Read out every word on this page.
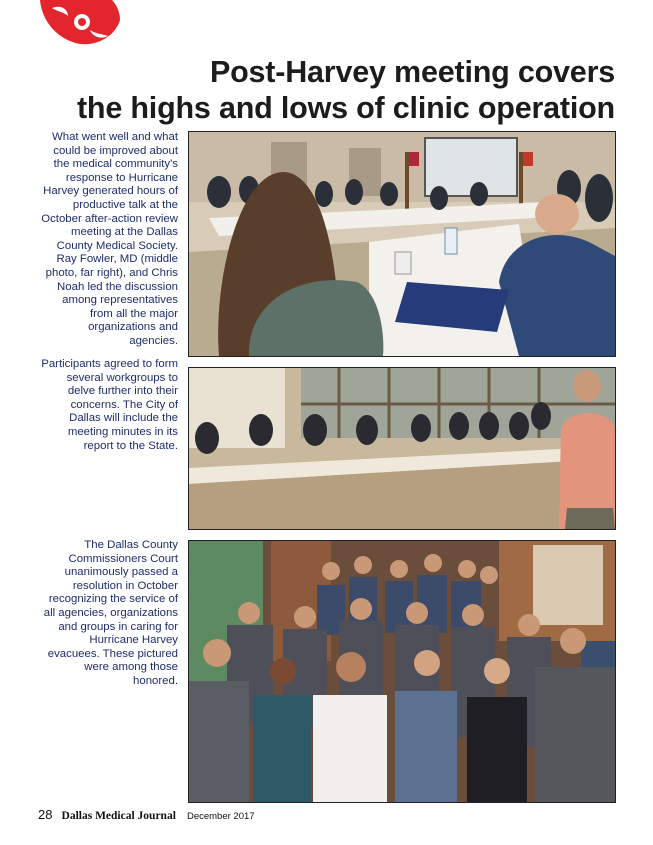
Post-Harvey meeting covers
the highs and lows of clinic operation
What went well and what could be improved about the medical community's response to Hurricane Harvey generated hours of productive talk at the October after-action review meeting at the Dallas County Medical Society. Ray Fowler, MD (middle photo, far right), and Chris Noah led the discussion among representatives from all the major organizations and agencies.
Participants agreed to form several workgroups to delve further into their concerns. The City of Dallas will include the meeting minutes in its report to the State.
The Dallas County Commissioners Court unanimously passed a resolution in October recognizing the service of all agencies, organizations and groups in caring for Hurricane Harvey evacuees. These pictured were among those honored.
28 Dallas Medical Journal December 2017
